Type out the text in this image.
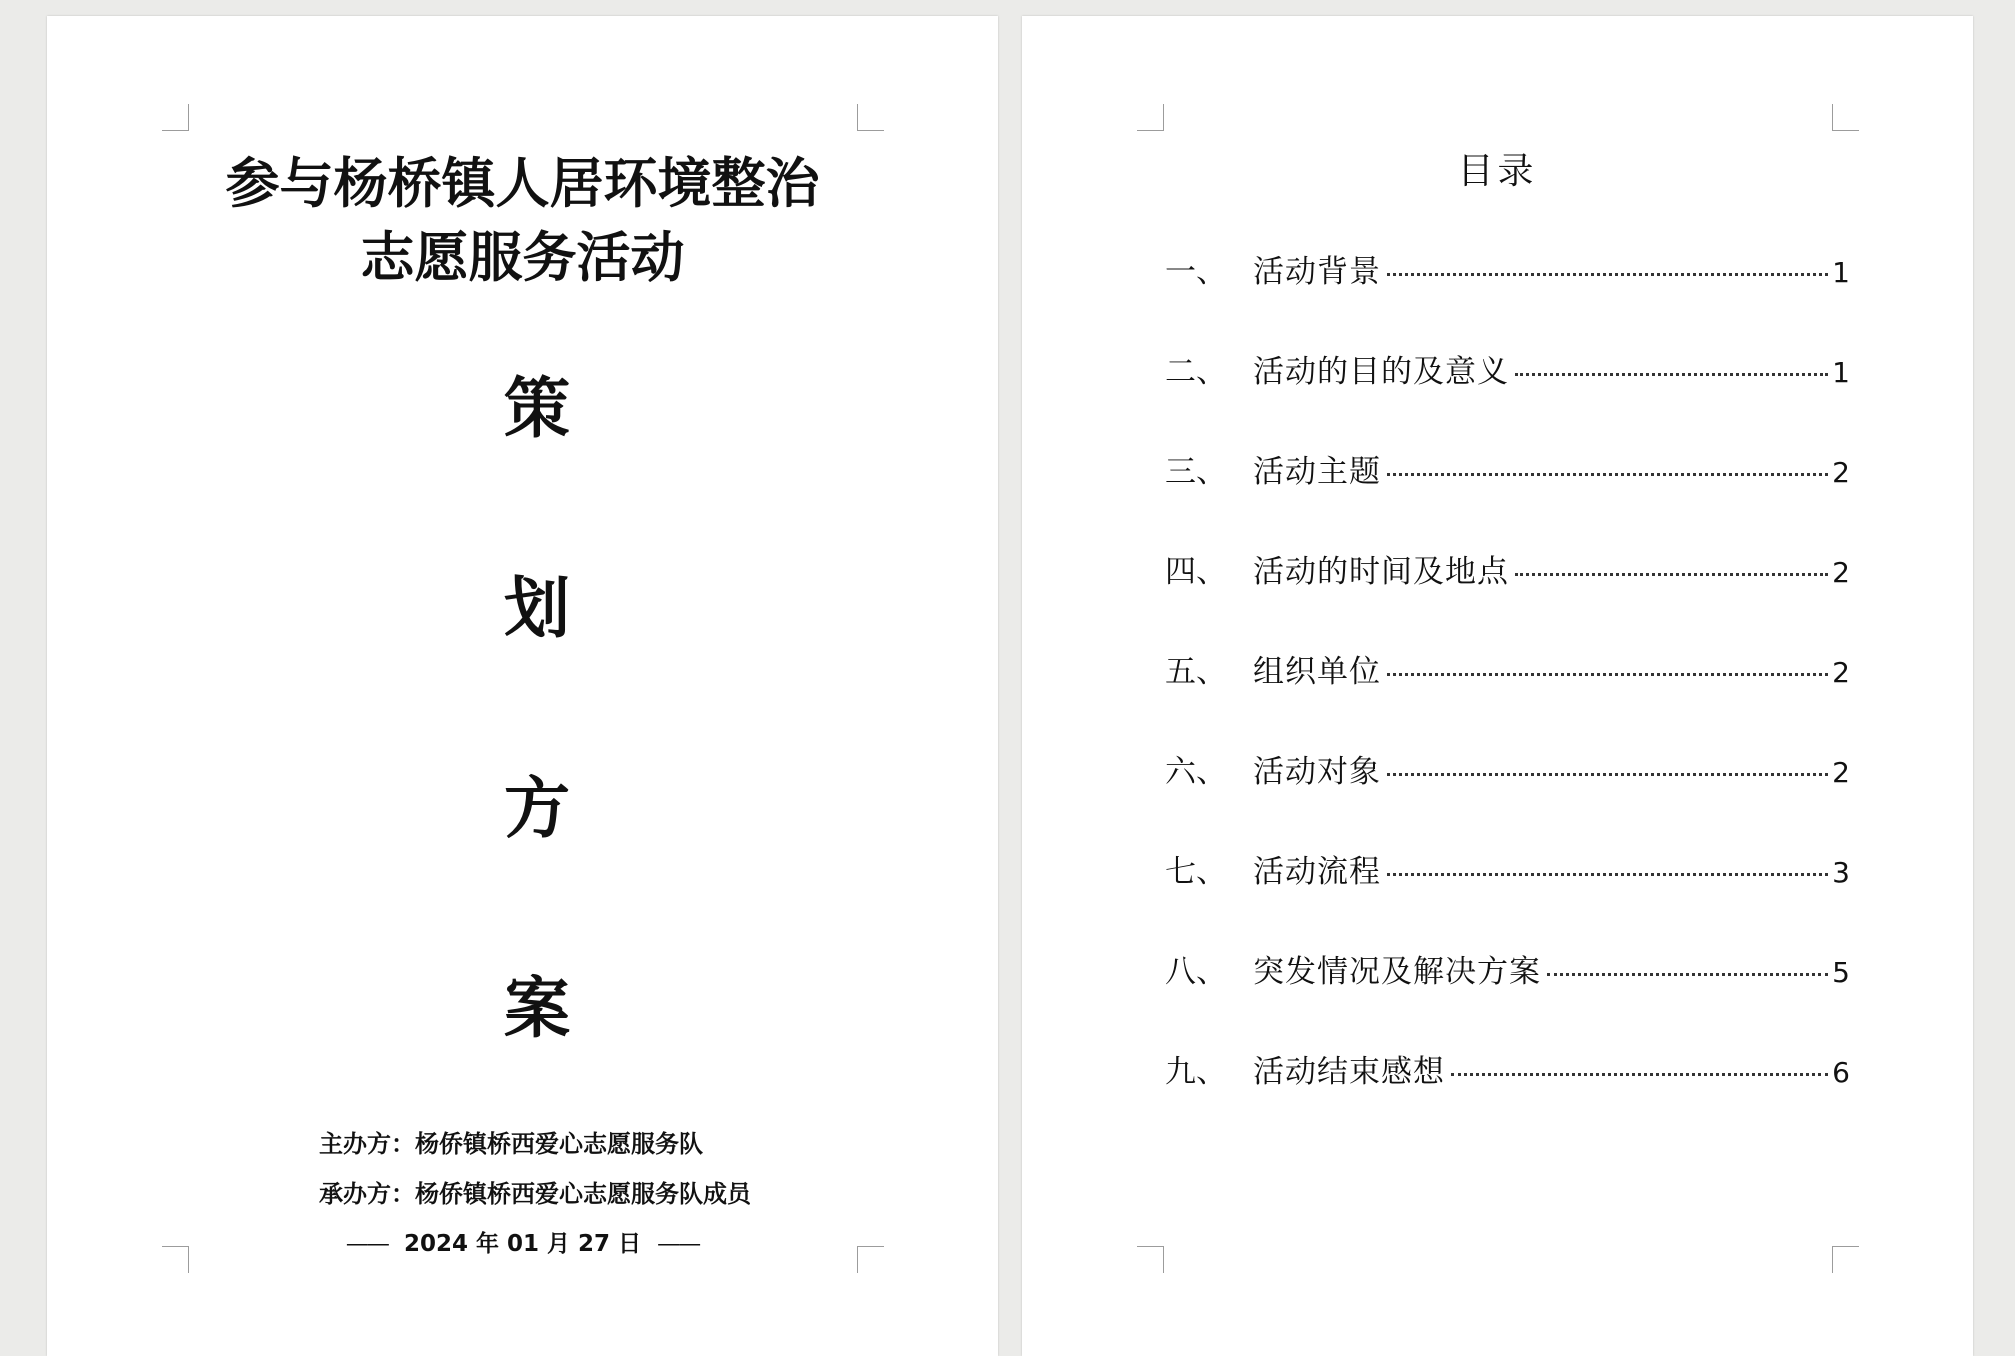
参与杨桥镇人居环境整治
志愿服务活动
策
划
方
案
主办方：杨侨镇桥西爱心志愿服务队
承办方：杨侨镇桥西爱心志愿服务队成员
—— 2024 年 01 月 27 日 ——
目录
一、 活动背景	1
二、 活动的目的及意义	1
三、 活动主题	2
四、 活动的时间及地点	2
五、 组织单位	2
六、 活动对象	2
七、 活动流程	3
八、 突发情况及解决方案	5
九、 活动结束感想	6
